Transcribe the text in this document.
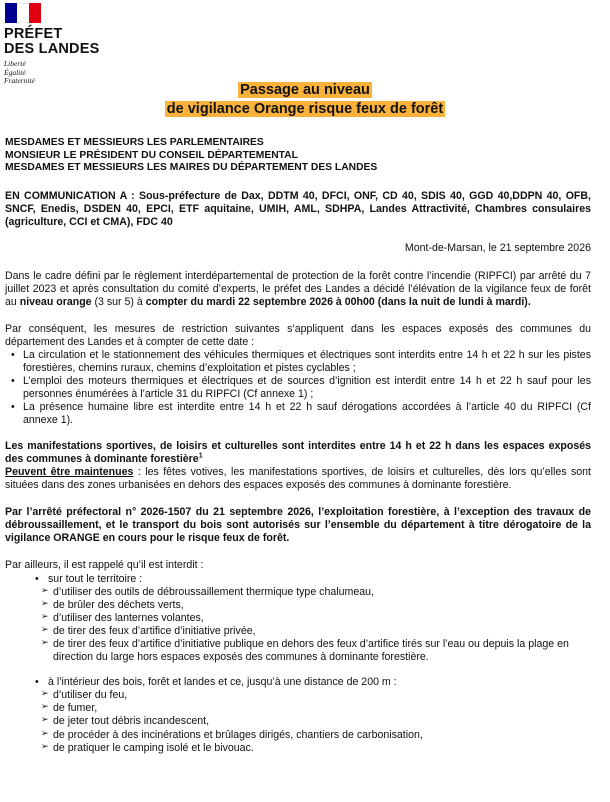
PRÉFET
DES LANDES
Liberté
Égalité
Fraternité
Passage au niveau
de vigilance Orange risque feux de forêt

MESDAMES ET MESSIEURS LES PARLEMENTAIRES

MONSIEUR LE PRÉSIDENT DU CONSEIL DÉPARTEMENTAL

MESDAMES ET MESSIEURS LES MAIRES DU DÉPARTEMENT DES LANDES

EN COMMUNICATION A : Sous-préfecture de Dax, DDTM 40, DFCI, ONF, CD 40, SDIS 40, GGD 40,DDPN 40, OFB, SNCF, Enedis, DSDEN 40, EPCI, ETF aquitaine, UMIH, AML, SDHPA, Landes Attractivité, Chambres consulaires (agriculture, CCI et CMA), FDC 40

Mont-de-Marsan, le 21 septembre 2026

Dans le cadre défini par le règlement interdépartemental de protection de la forêt contre l’incendie (RIPFCI) par arrêté du 7 juillet 2023 et après consultation du comité d’experts, le préfet des Landes a décidé l’élévation de la vigilance feux de forêt au niveau orange (3 sur 5) à compter du mardi 22 septembre 2026 à 00h00 (dans la nuit de lundi à mardi).

Par conséquent, les mesures de restriction suivantes s’appliquent dans les espaces exposés des communes du département des Landes et à compter de cette date :

• La circulation et le stationnement des véhicules thermiques et électriques sont interdits entre 14 h et 22 h sur les pistes forestières, chemins ruraux, chemins d’exploitation et pistes cyclables ;
• L’emploi des moteurs thermiques et électriques et de sources d’ignition est interdit entre 14 h et 22 h sauf pour les personnes énumérées à l’article 31 du RIPFCI (Cf annexe 1) ;
• La présence humaine libre est interdite entre 14 h et 22 h sauf dérogations accordées à l’article 40 du RIPFCI (Cf annexe 1).

Les manifestations sportives, de loisirs et culturelles sont interdites entre 14 h et 22 h dans les espaces exposés des communes à dominante forestière$^1$

Peuvent être maintenues : les fêtes votives, les manifestations sportives, de loisirs et culturelles, dès lors qu’elles sont situées dans des zones urbanisées en dehors des espaces exposés des communes à dominante forestière.

Par l’arrêté préfectoral n° 2026-1507 du 21 septembre 2026, l’exploitation forestière, à l’exception des travaux de débroussaillement, et le transport du bois sont autorisés sur l’ensemble du département à titre dérogatoire de la vigilance ORANGE en cours pour le risque feux de forêt.

Par ailleurs, il est rappelé qu’il est interdit :

• sur tout le territoire :
➢ d’utiliser des outils de débroussaillement thermique type chalumeau,
➢ de brûler des déchets verts,
➢ d’utiliser des lanternes volantes,
➢ de tirer des feux d’artifice d’initiative privée,
➢ de tirer des feux d’artifice d’initiative publique en dehors des feux d’artifice tirés sur l’eau ou depuis la plage en direction du large hors espaces exposés des communes à dominante forestière.
• à l’intérieur des bois, forêt et landes et ce, jusqu’à une distance de 200 m :
➢ d’utiliser du feu,
➢ de fumer,
➢ de jeter tout débris incandescent,
➢ de procéder à des incinérations et brûlages dirigés, chantiers de carbonisation,
➢ de pratiquer le camping isolé et le bivouac.
